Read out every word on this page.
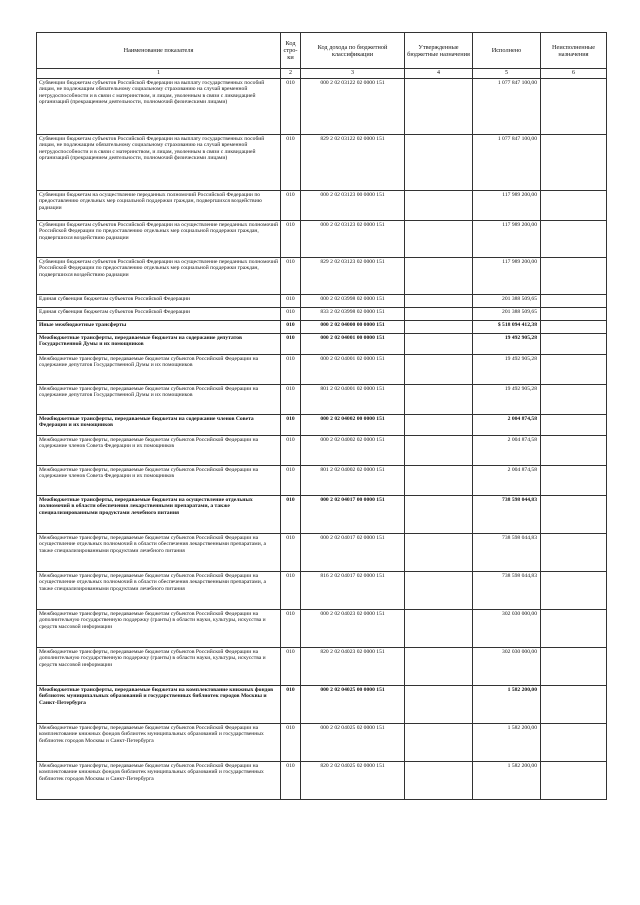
Наименование показателя	Код стро-ки	Код дохода по бюджетной классификации	Утвержденные бюджетные назначения	Исполнено	Неисполненные назначения
1	2	3	4	5	6
Субвенции бюджетам субъектов Российской Федерации на выплату государственных пособий лицам, не подлежащим обязательному социальному страхованию на случай временной нетрудоспособности и в связи с материнством, и лицам, уволенным в связи с ликвидацией организаций (прекращением деятельности, полномочий физическими лицами)	010	000 2 02 03122 02 0000 151		1 077 847 100,00	
Субвенции бюджетам субъектов Российской Федерации на выплату государственных пособий лицам, не подлежащим обязательному социальному страхованию на случай временной нетрудоспособности и в связи с материнством, и лицам, уволенным в связи с ликвидацией организаций (прекращением деятельности, полномочий физическими лицами)	010	829 2 02 03122 02 0000 151		1 077 847 100,00	
Субвенции бюджетам на осуществление переданных полномочий Российской Федерации по предоставлению отдельных мер социальной поддержки граждан, подвергшихся воздействию радиации	010	000 2 02 03123 00 0000 151		117 989 200,00	
Субвенции бюджетам субъектов Российской Федерации на осуществление переданных полномочий Российской Федерации по предоставлению отдельных мер социальной поддержки граждан, подвергшихся воздействию радиации	010	000 2 02 03123 02 0000 151		117 989 200,00	
Субвенции бюджетам субъектов Российской Федерации на осуществление переданных полномочий Российской Федерации по предоставлению отдельных мер социальной поддержки граждан, подвергшихся воздействию радиации	010	829 2 02 03123 02 0000 151		117 989 200,00	
Единая субвенция бюджетам субъектов Российской Федерации	010	000 2 02 03998 02 0000 151		201 388 509,65	
Единая субвенция бюджетам субъектов Российской Федерации	010	833 2 02 03998 02 0000 151		201 388 509,65	
Иные межбюджетные трансферты	010	000 2 02 04000 00 0000 151		$ 518 094 412,38	
Межбюджетные трансферты, передаваемые бюджетам на содержание депутатов Государственной Думы и их помощников	010	000 2 02 04001 00 0000 151		19 492 905,28	
Межбюджетные трансферты, передаваемые бюджетам субъектов Российской Федерации на содержание депутатов Государственной Думы и их помощников	010	000 2 02 04001 02 0000 151		19 492 905,28	
Межбюджетные трансферты, передаваемые бюджетам субъектов Российской Федерации на содержание депутатов Государственной Думы и их помощников	010	801 2 02 04001 02 0000 151		19 492 905,28	
Межбюджетные трансферты, передаваемые бюджетам на содержание членов Совета Федерации и их помощников	010	000 2 02 04002 00 0000 151		2 004 874,58	
Межбюджетные трансферты, передаваемые бюджетам субъектов Российской Федерации на содержание членов Совета Федерации и их помощников	010	000 2 02 04002 02 0000 151		2 004 874,58	
Межбюджетные трансферты, передаваемые бюджетам субъектов Российской Федерации на содержание членов Совета Федерации и их помощников	010	801 2 02 04002 02 0000 151		2 004 874,58	
Межбюджетные трансферты, передаваемые бюджетам на осуществление отдельных полномочий в области обеспечения лекарственными препаратами, а также специализированными продуктами лечебного питания	010	000 2 02 04017 00 0000 151		738 598 044,83	
Межбюджетные трансферты, передаваемые бюджетам субъектов Российской Федерации на осуществление отдельных полномочий в области обеспечения лекарственными препаратами, а также специализированными продуктами лечебного питания	010	000 2 02 04017 02 0000 151		738 598 044,83	
Межбюджетные трансферты, передаваемые бюджетам субъектов Российской Федерации на осуществление отдельных полномочий в области обеспечения лекарственными препаратами, а также специализированными продуктами лечебного питания	010	816 2 02 04017 02 0000 151		738 598 044,83	
Межбюджетные трансферты, передаваемые бюджетам субъектов Российской Федерации на дополнительную государственную поддержку (гранты) в области науки, культуры, искусства и средств массовой информации	010	000 2 02 04023 02 0000 151		302 030 000,00	
Межбюджетные трансферты, передаваемые бюджетам субъектов Российской Федерации на дополнительную государственную поддержку (гранты) в области науки, культуры, искусства и средств массовой информации	010	820 2 02 04023 02 0000 151		302 030 000,00	
Межбюджетные трансферты, передаваемые бюджетам на комплектование книжных фондов библиотек муниципальных образований и государственных библиотек городов Москвы и Санкт-Петербурга	010	000 2 02 04025 00 0000 151		1 582 200,00	
Межбюджетные трансферты, передаваемые бюджетам субъектов Российской Федерации на комплектование книжных фондов библиотек муниципальных образований и государственных библиотек городов Москвы и Санкт-Петербурга	010	000 2 02 04025 02 0000 151		1 582 200,00	
Межбюджетные трансферты, передаваемые бюджетам субъектов Российской Федерации на комплектование книжных фондов библиотек муниципальных образований и государственных библиотек городов Москвы и Санкт-Петербурга	010	820 2 02 04025 02 0000 151		1 582 200,00	
